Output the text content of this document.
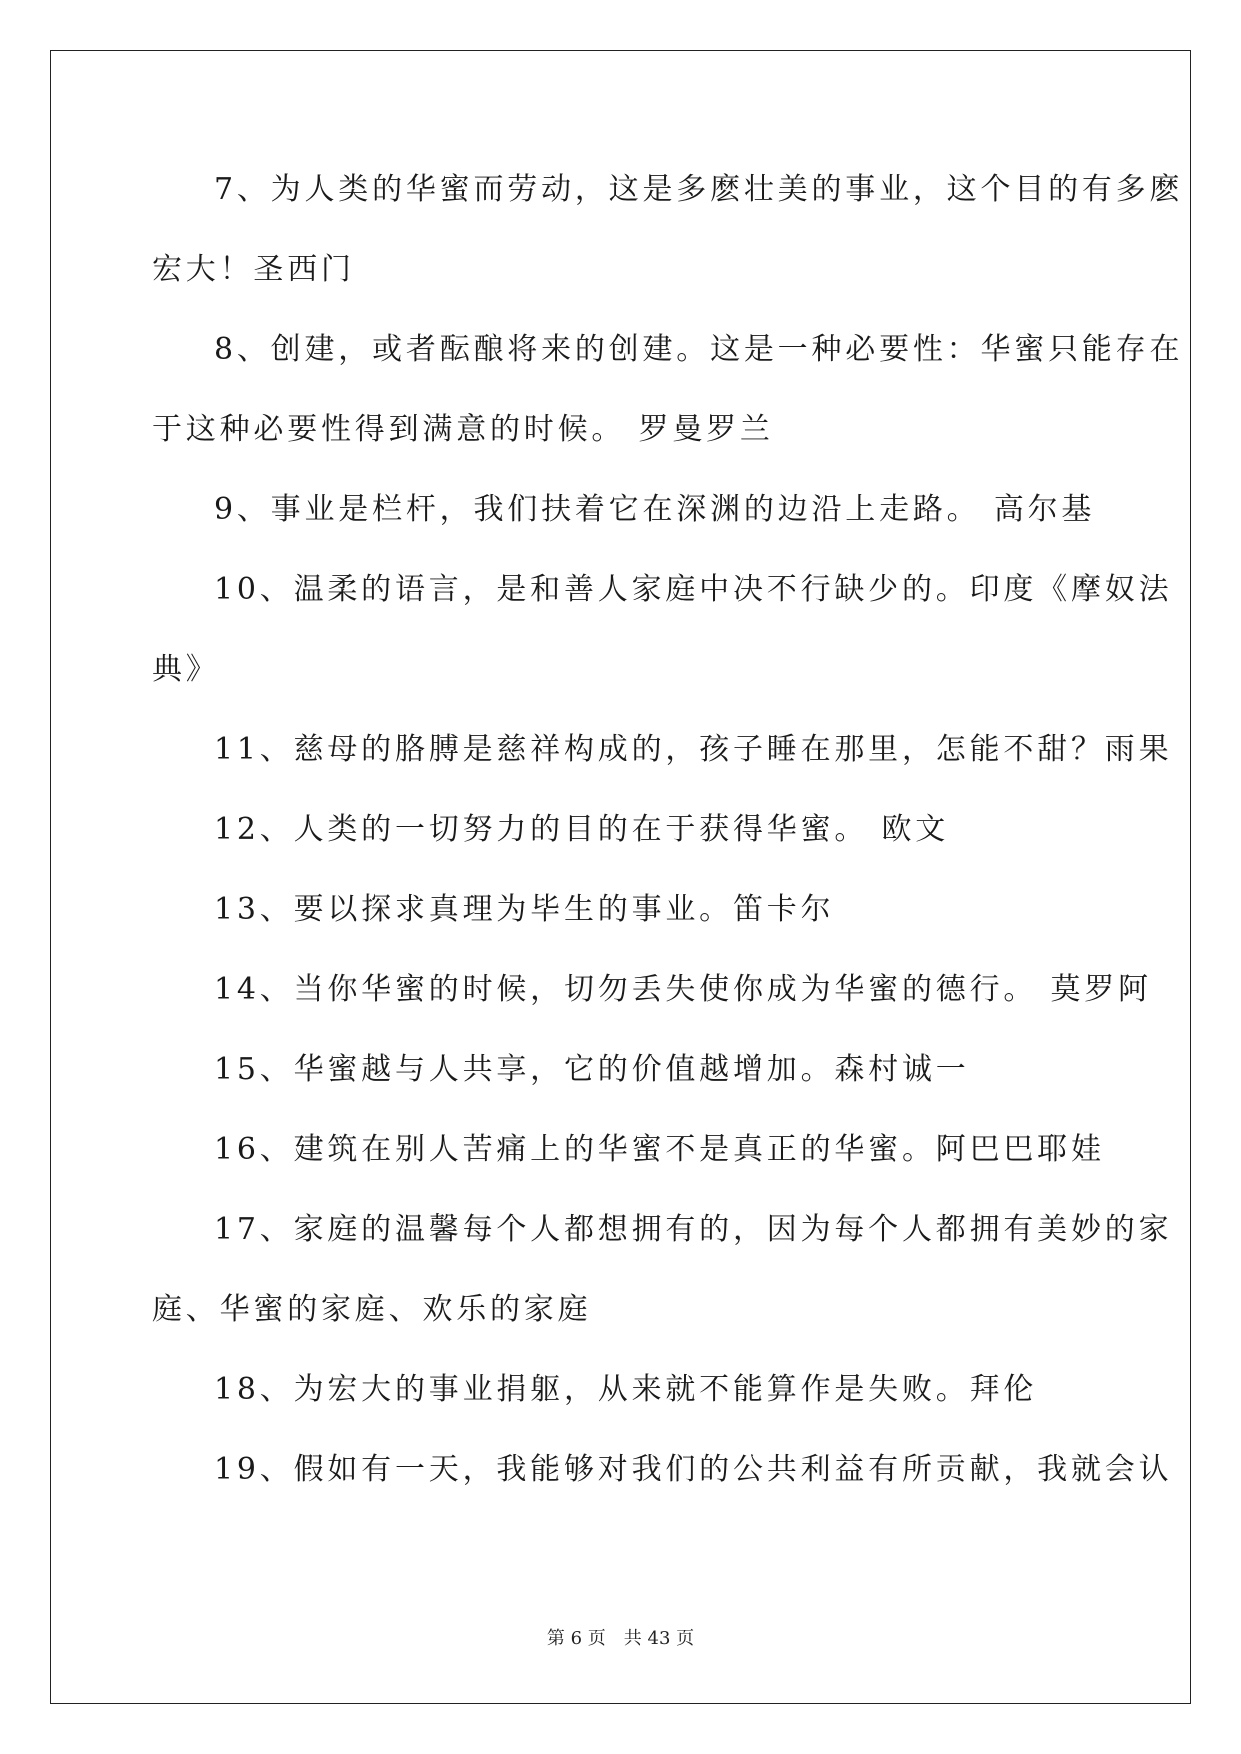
7、为人类的华蜜而劳动，这是多麽壮美的事业，这个目的有多麽
宏大！圣西门
8、创建，或者酝酿将来的创建。这是一种必要性：华蜜只能存在
于这种必要性得到满意的时候。 罗曼罗兰
9、事业是栏杆，我们扶着它在深渊的边沿上走路。 高尔基
10、温柔的语言，是和善人家庭中决不行缺少的。印度《摩奴法
典》
11、慈母的胳膊是慈祥构成的，孩子睡在那里，怎能不甜？雨果
12、人类的一切努力的目的在于获得华蜜。 欧文
13、要以探求真理为毕生的事业。笛卡尔
14、当你华蜜的时候，切勿丢失使你成为华蜜的德行。 莫罗阿
15、华蜜越与人共享，它的价值越增加。森村诚一
16、建筑在别人苦痛上的华蜜不是真正的华蜜。阿巴巴耶娃
17、家庭的温馨每个人都想拥有的，因为每个人都拥有美妙的家
庭、华蜜的家庭、欢乐的家庭
18、为宏大的事业捐躯，从来就不能算作是失败。拜伦
19、假如有一天，我能够对我们的公共利益有所贡献，我就会认
第 6 页 共 43 页
